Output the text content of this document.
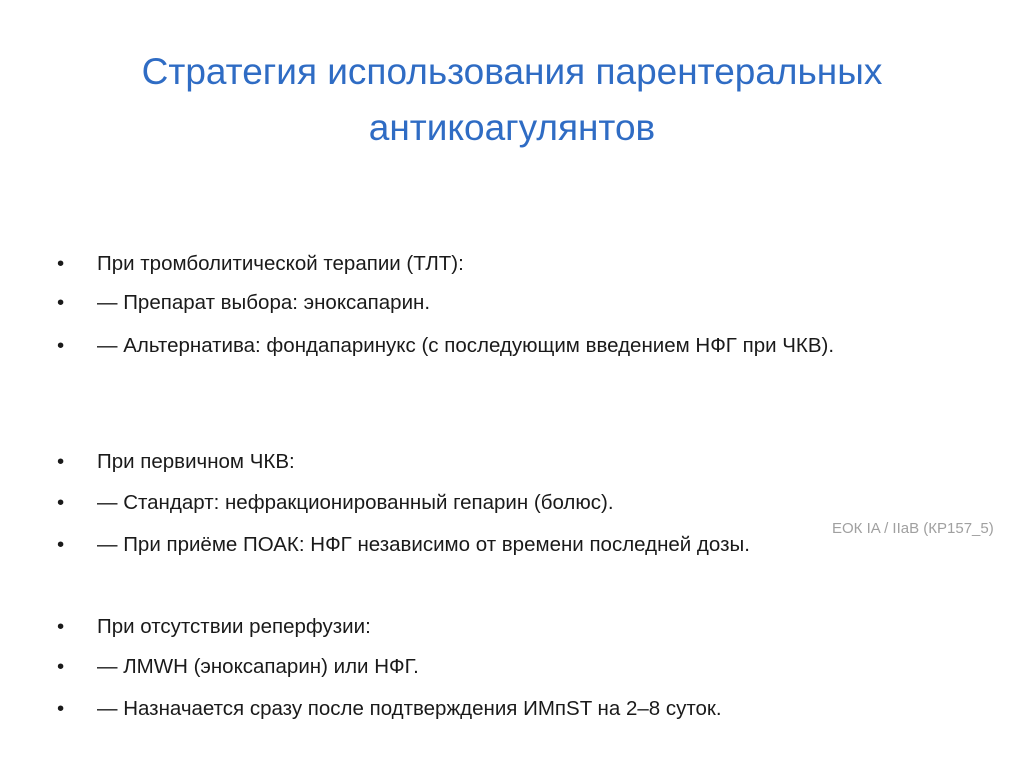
Стратегия использования парентеральных
антикоагулянтов
•	При тромболитической терапии (ТЛТ):
•	— Препарат выбора: эноксапарин.
•	— Альтернатива: фондапаринукс (с последующим введением НФГ при ЧКВ).
•	При первичном ЧКВ:
•	— Стандарт: нефракционированный гепарин (болюс).
•	— При приёме ПОАК: НФГ независимо от времени последней дозы.
•	При отсутствии реперфузии:
•	— ЛМWH (эноксапарин) или НФГ.
•	— Назначается сразу после подтверждения ИМпST на 2–8 суток.
ЕОК IA / IIaB (КР157_5)
